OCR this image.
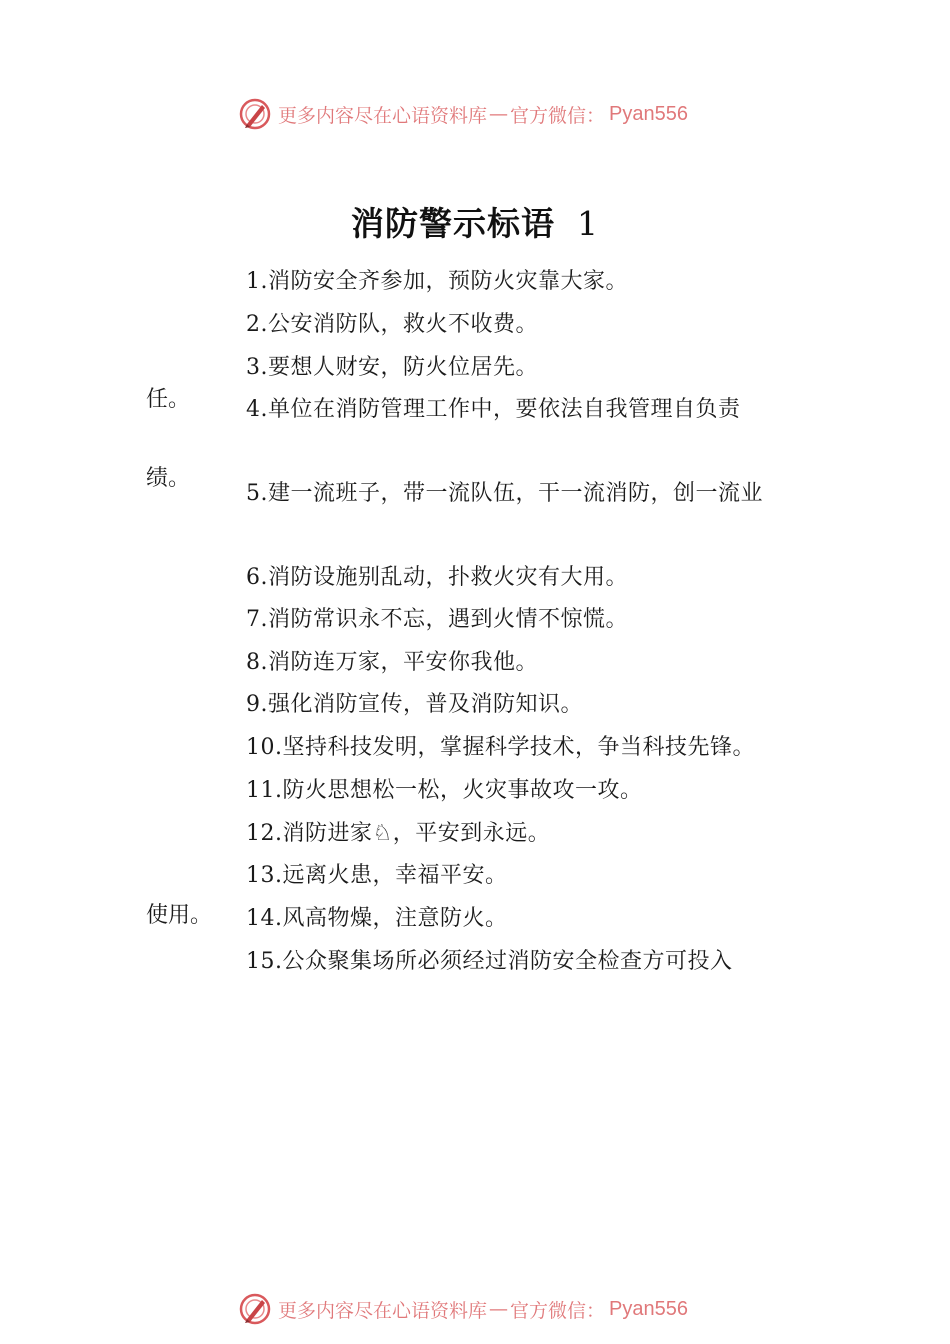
更多内容尽在心语资料库 — 官方微信： Pyan556
消防警示标语 1
1.消防安全齐参加，预防火灾靠大家。
2.公安消防队，救火不收费。
3.要想人财安，防火位居先。
4.单位在消防管理工作中，要依法自我管理自负责
5.建一流班子，带一流队伍，干一流消防，创一流业
6.消防设施别乱动，扑救火灾有大用。
7.消防常识永不忘，遇到火情不惊慌。
8.消防连万家，平安你我他。
9.强化消防宣传，普及消防知识。
10.坚持科技发明，掌握科学技术，争当科技先锋。
11.防火思想松一松，火灾事故攻一攻。
12.消防进家♘，平安到永远。
13.远离火患，幸福平安。
14.风高物燥，注意防火。
15.公众聚集场所必须经过消防安全检查方可投入
任。
绩。
使用。
更多内容尽在心语资料库 — 官方微信： Pyan556
